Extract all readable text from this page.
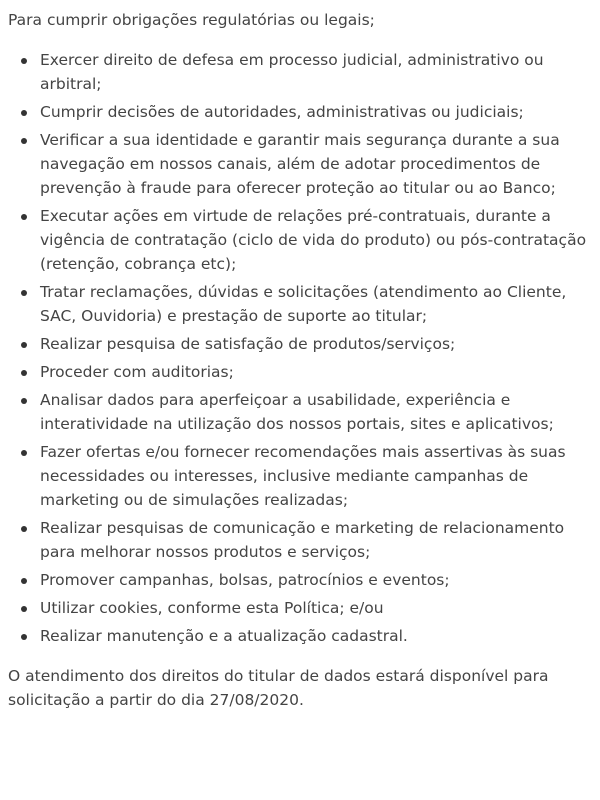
Para cumprir obrigações regulatórias ou legais;

Exercer direito de defesa em processo judicial, administrativo ou arbitral;
Cumprir decisões de autoridades, administrativas ou judiciais;
Verificar a sua identidade e garantir mais segurança durante a sua navegação em nossos canais, além de adotar procedimentos de prevenção à fraude para oferecer proteção ao titular ou ao Banco;
Executar ações em virtude de relações pré-contratuais, durante a vigência de contratação (ciclo de vida do produto) ou pós-contratação (retenção, cobrança etc);
Tratar reclamações, dúvidas e solicitações (atendimento ao Cliente, SAC, Ouvidoria) e prestação de suporte ao titular;
Realizar pesquisa de satisfação de produtos/serviços;
Proceder com auditorias;
Analisar dados para aperfeiçoar a usabilidade, experiência e interatividade na utilização dos nossos portais, sites e aplicativos;
Fazer ofertas e/ou fornecer recomendações mais assertivas às suas necessidades ou interesses, inclusive mediante campanhas de marketing ou de simulações realizadas;
Realizar pesquisas de comunicação e marketing de relacionamento para melhorar nossos produtos e serviços;
Promover campanhas, bolsas, patrocínios e eventos;
Utilizar cookies, conforme esta Política; e/ou
Realizar manutenção e a atualização cadastral.

O atendimento dos direitos do titular de dados estará disponível para solicitação a partir do dia 27/08/2020.
